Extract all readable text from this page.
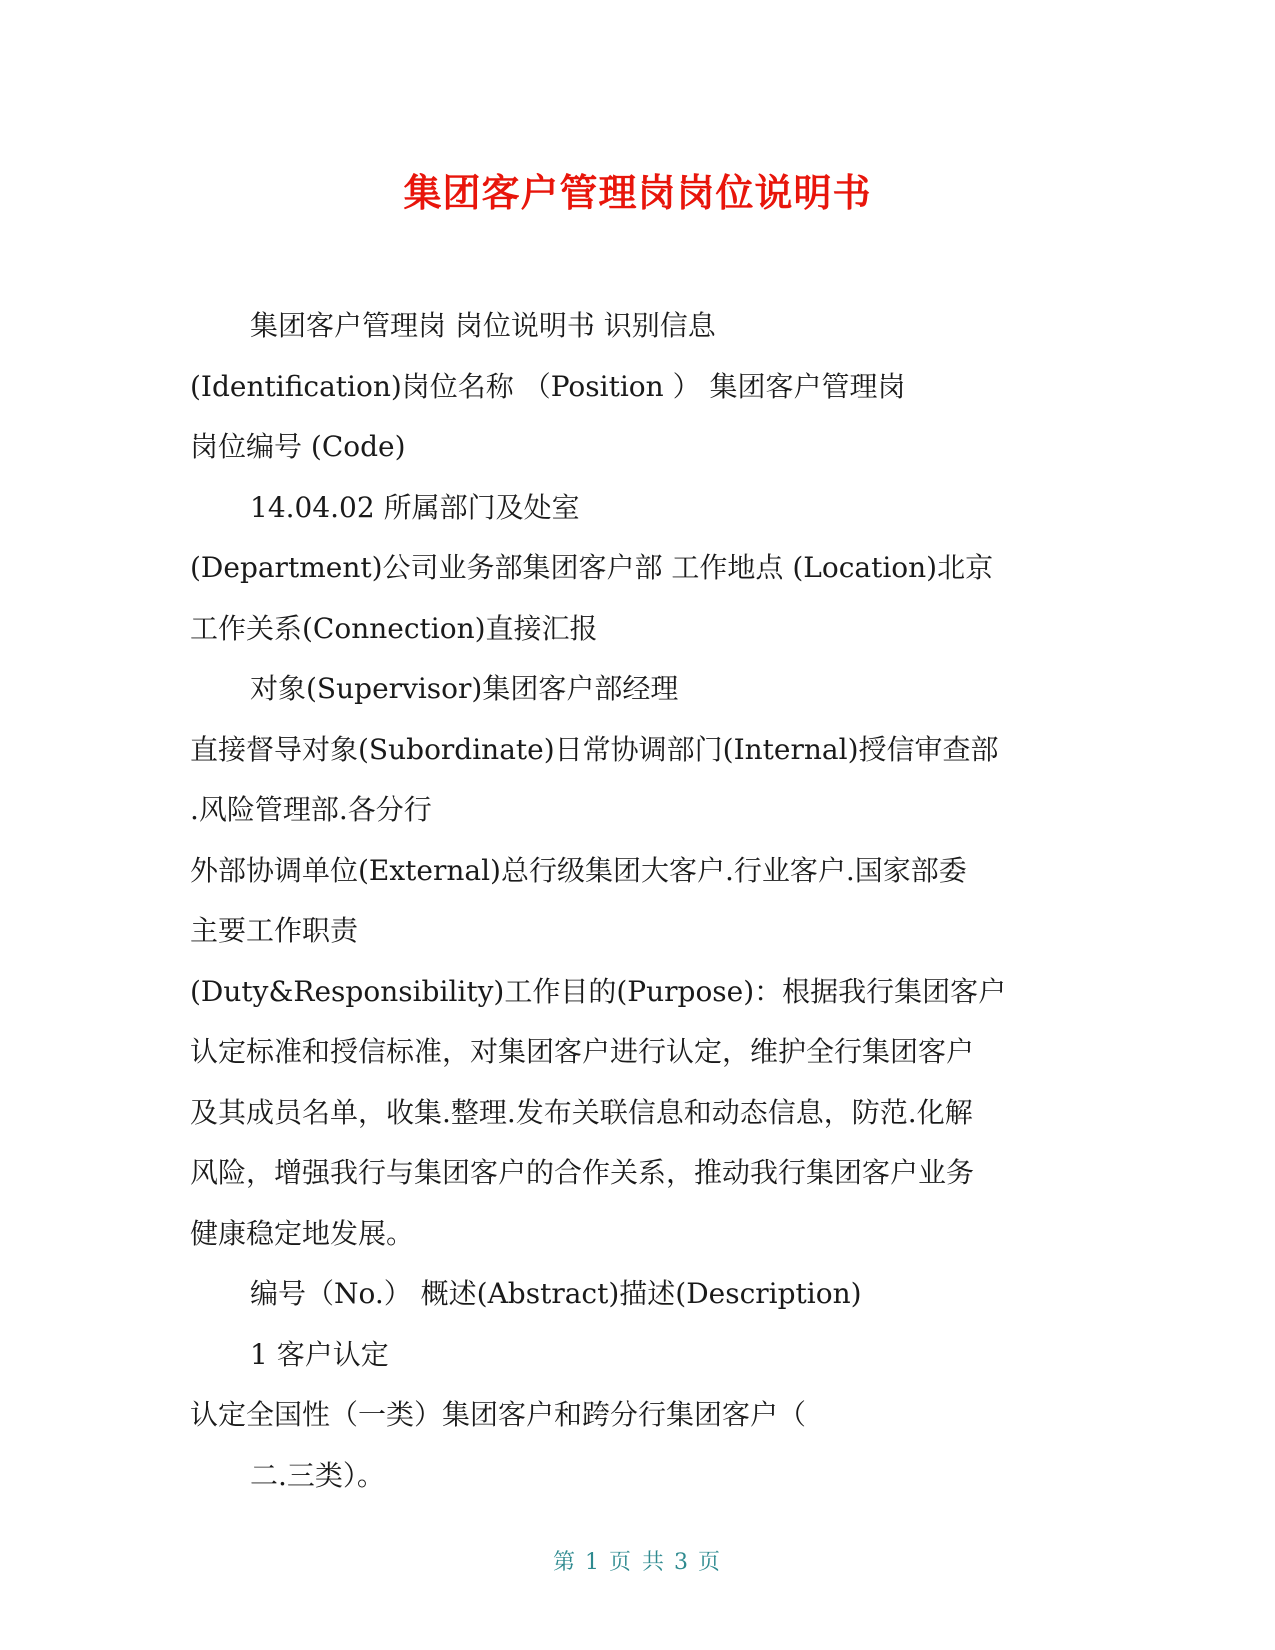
集团客户管理岗岗位说明书
集团客户管理岗 岗位说明书 识别信息
(Identification)岗位名称 （Position ） 集团客户管理岗
岗位编号 (Code)
14.04.02 所属部门及处室
(Department)公司业务部集团客户部 工作地点 (Location)北京
工作关系(Connection)直接汇报
对象(Supervisor)集团客户部经理
直接督导对象(Subordinate)日常协调部门(Internal)授信审查部
.风险管理部.各分行
外部协调单位(External)总行级集团大客户.行业客户.国家部委
主要工作职责
(Duty&Responsibility)工作目的(Purpose)：根据我行集团客户
认定标准和授信标准，对集团客户进行认定，维护全行集团客户
及其成员名单，收集.整理.发布关联信息和动态信息，防范.化解
风险，增强我行与集团客户的合作关系，推动我行集团客户业务
健康稳定地发展。
编号（No.） 概述(Abstract)描述(Description)
1 客户认定
认定全国性（一类）集团客户和跨分行集团客户（
二.三类）。
第 1 页 共 3 页
